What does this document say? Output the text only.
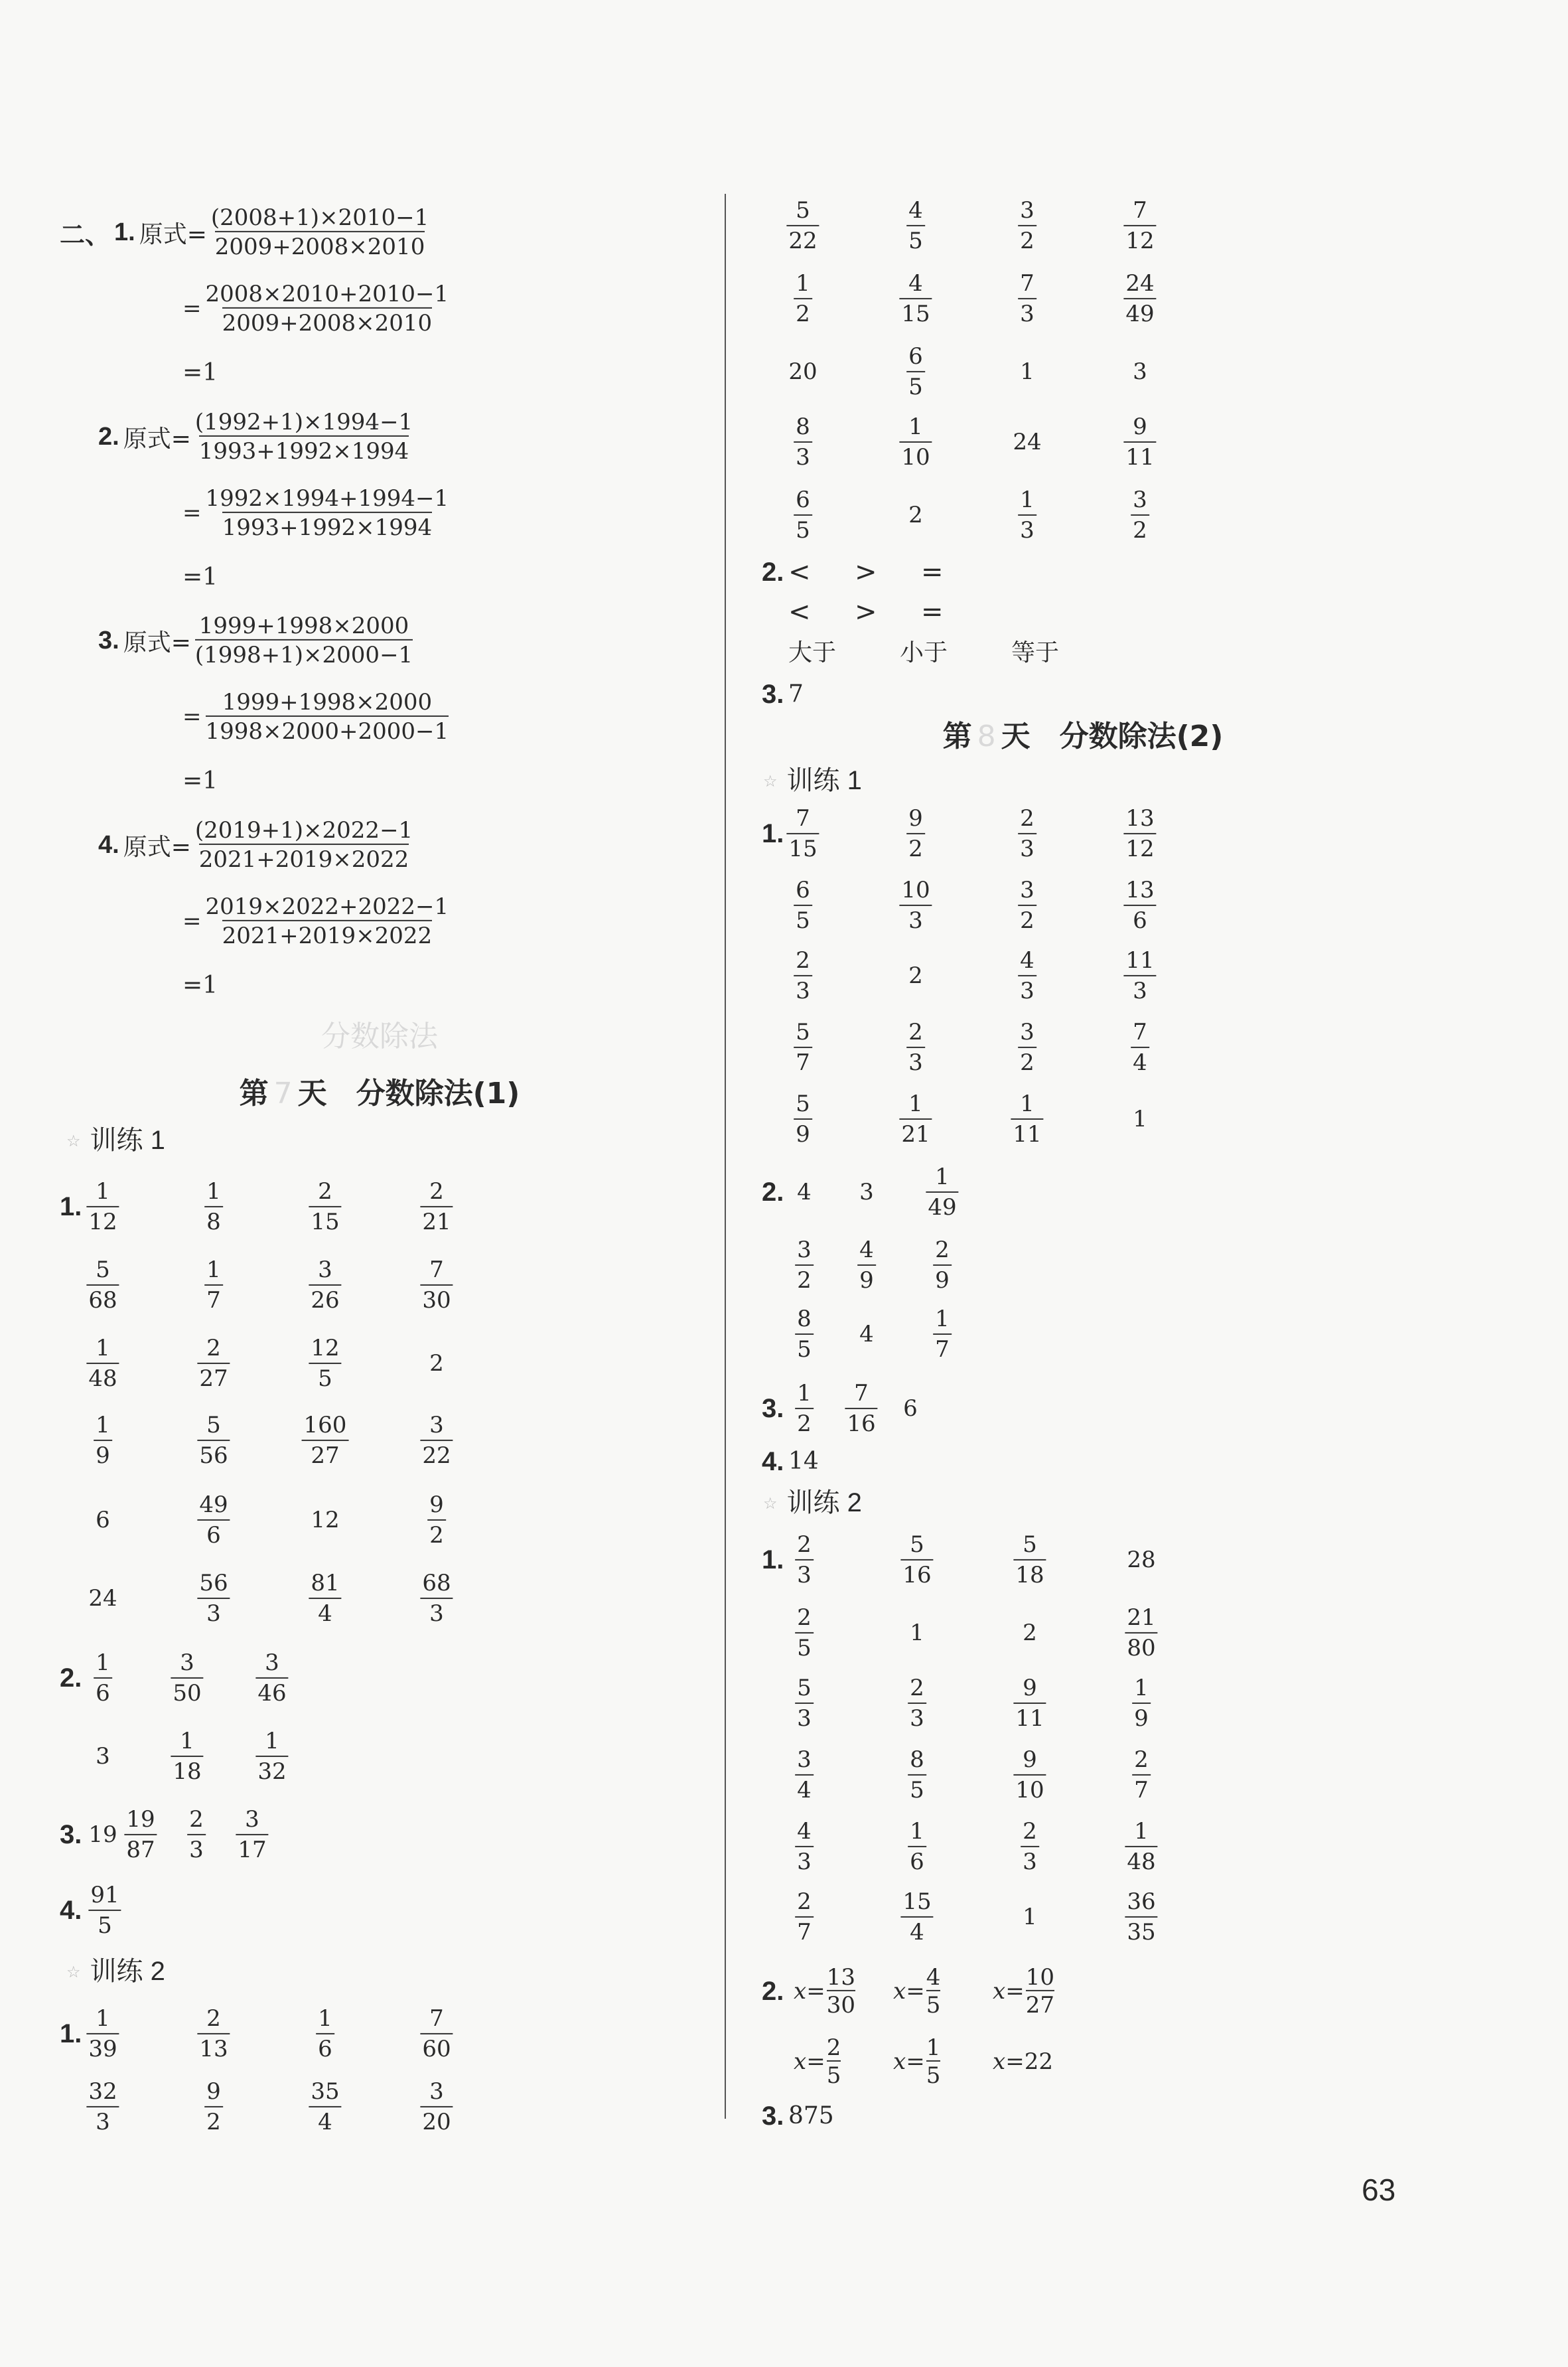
二、 1. 原式= $\frac{(2008+1)\times 2010-1}{2009+2008\times 2010}$
= $\frac{2008\times 2010+2010-1}{2009+2008\times 2010}$
=1
2. 原式= $\frac{(1992+1)\times 1994-1}{1993+1992\times 1994}$
= $\frac{1992\times 1994+1994-1}{1993+1992\times 1994}$
=1
3. 原式= $\frac{1999+1998\times 2000}{(1998+1)\times 2000-1}$
= $\frac{1999+1998\times 2000}{1998\times 2000+2000-1}$
=1
4. 原式= $\frac{(2019+1)\times 2022-1}{2021+2019\times 2022}$
= $\frac{2019\times 2022+2022-1}{2021+2019\times 2022}$
=1
分数除法
第 7 天　分数除法(1)
☆ 训练 1
1. $\frac{1}{12}$	$\frac{1}{8}$	$\frac{2}{15}$	$\frac{2}{21}$
$\frac{5}{68}$	$\frac{1}{7}$	$\frac{3}{26}$	$\frac{7}{30}$
$\frac{1}{48}$	$\frac{2}{27}$	$\frac{12}{5}$	2
$\frac{1}{9}$	$\frac{5}{56}$	$\frac{160}{27}$	$\frac{3}{22}$
6	$\frac{49}{6}$	12	$\frac{9}{2}$
24	$\frac{56}{3}$	$\frac{81}{4}$	$\frac{68}{3}$
2. $\frac{1}{6}$	$\frac{3}{50} \frac{3}{46}$
3	$\frac{1}{18} \frac{1}{32}$
3. $19 \frac{19}{87} \frac{2}{3} \frac{3}{17}$
4. $\frac{91}{5}$
☆ 训练 2
1. $\frac{1}{39}$	$\frac{2}{13}$	$\frac{1}{6}$	$\frac{7}{60}$
$\frac{32}{3}$	$\frac{9}{2}$	$\frac{35}{4}$	$\frac{3}{20}$
$\frac{5}{22}$	$\frac{4}{5}$	$\frac{3}{2}$	$\frac{7}{12}$
$\frac{1}{2}$	$\frac{4}{15}$	$\frac{7}{3}$	$\frac{24}{49}$
20	$\frac{6}{5}$	1	3
$\frac{8}{3}$	$\frac{1}{10}$	24	$\frac{9}{11}$
$\frac{6}{5}$	2	$\frac{1}{3}$	$\frac{3}{2}$
2. < > =
< > =
大于	小于	等于
3. 7
第 8 天　分数除法(2)
☆ 训练 1
1. $\frac{7}{15}$	$\frac{9}{2}$	$\frac{2}{3}$	$\frac{13}{12}$
$\frac{6}{5}$	$\frac{10}{3}$	$\frac{3}{2}$	$\frac{13}{6}$
$\frac{2}{3}$	2	$\frac{4}{3}$	$\frac{11}{3}$
$\frac{5}{7}$	$\frac{2}{3}$	$\frac{3}{2}$	$\frac{7}{4}$
$\frac{5}{9}$	$\frac{1}{21}$	$\frac{1}{11}$	1
2. 4 $3 \frac{1}{49}$
$\frac{3}{2} \frac{4}{9}$	$\frac{2}{9}$
$\frac{8}{5} 4$	$\frac{1}{7}$
3. $\frac{1}{2} \frac{7}{16} 6$
4. 14
☆ 训练 2
1. $\frac{2}{3}$	$\frac{5}{16}$	$\frac{5}{18}$	28
$\frac{2}{5}$	1	2	$\frac{21}{80}$
$\frac{5}{3}$	$\frac{2}{3}$	$\frac{9}{11}$	$\frac{1}{9}$
$\frac{3}{4}$	$\frac{8}{5}$	$\frac{9}{10}$	$\frac{2}{7}$
$\frac{4}{3}$	$\frac{1}{6}$	$\frac{2}{3}$	$\frac{1}{48}$
$\frac{2}{7}$	$\frac{15}{4}$	1	$\frac{36}{35}$
2. $x = \frac{13}{30}$ $x = \frac{4}{5}$ $x = \frac{10}{27}$
$x = \frac{2}{5}$ $x = \frac{1}{5}$ x = 22
3. 875
63
